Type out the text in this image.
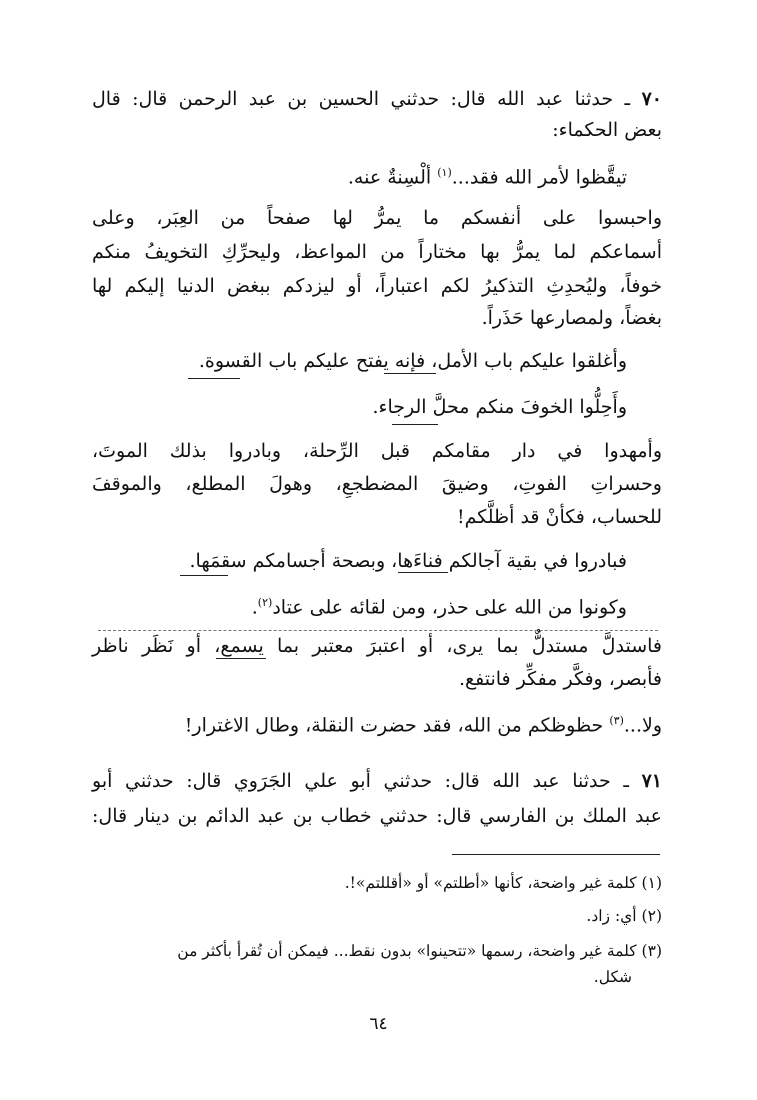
٧٠ ـ حدثنا عبد الله قال: حدثني الحسين بن عبد الرحمن قال: قال
بعض الحكماء:
تيقَّظوا لأمر الله فقد...$^{(١)}$ ألْسِنةٌ عنه.
واحبسوا على أنفسكم ما يمرُّ لها صفحاً من العِبَر، وعلى
أسماعكم لما يمرُّ بها مختاراً من المواعظ، وليحرِّكِ التخويفُ منكم
خوفاً، وليُحدِثِ التذكيرُ لكم اعتباراً، أو ليزدكم ببغض الدنيا إليكم لها
بغضاً، ولمصارعها حَذَراً.
وأغلقوا عليكم باب الأمل، فإنه يفتح عليكم باب القسوة.
وأَحِلُّوا الخوفَ منكم محلَّ الرجاء.
وأمهدوا في دار مقامكم قبل الرِّحلة، وبادروا بذلك الموتَ،
وحسراتِ الفوتِ، وضيقَ المضطجعِ، وهولَ المطلع، والموقفَ
للحساب، فكأنْ قد أظلَّكم!
فبادروا في بقية آجالكم فناءَها، وبصحة أجسامكم سقمَها.
وكونوا من الله على حذر، ومن لقائه على عتاد$^{(٢)}$.
فاستدلَّ مستدلٌّ بما يرى، أو اعتبرَ معتبر بما يسمع، أو نَظَر ناظر
فأبصر، وفكَّر مفكِّر فانتفع.
ولا...$^{(٣)}$ حظوظكم من الله، فقد حضرت النقلة، وطال الاغترار!
٧١ ـ حدثنا عبد الله قال: حدثني أبو علي الجَرَوي قال: حدثني أبو
عبد الملك بن الفارسي قال: حدثني خطاب بن عبد الدائم بن دينار قال:
(١) كلمة غير واضحة، كأنها «أطلتم» أو «أقللتم»!.
(٢) أي: زاد.
(٣) كلمة غير واضحة، رسمها «تتحينوا» بدون نقط... فيمكن أن تُقرأ بأكثر من
شكل.
٦٤
